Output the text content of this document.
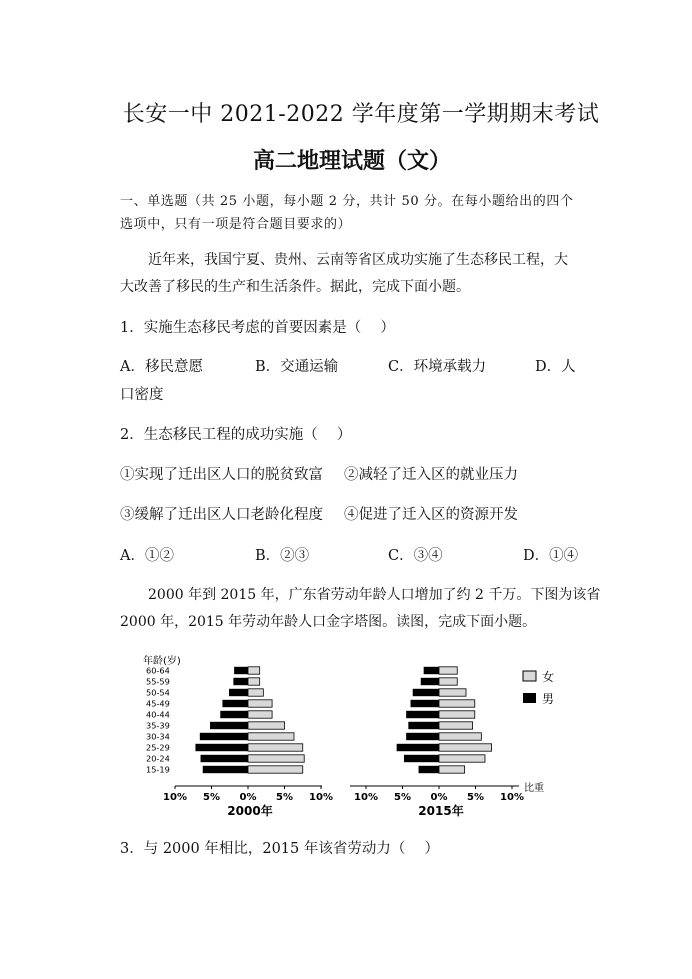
长安一中 2021-2022 学年度第一学期期末考试
高二地理试题（文）
一、单选题（共 25 小题，每小题 2 分，共计 50 分。在每小题给出的四个
选项中，只有一项是符合题目要求的）
近年来，我国宁夏、贵州、云南等省区成功实施了生态移民工程，大
大改善了移民的生产和生活条件。据此，完成下面小题。
1．实施生态移民考虑的首要因素是（　 ）
A．移民意愿	B．交通运输	C．环境承载力	D．人
口密度
2．生态移民工程的成功实施（　 ）
①实现了迁出区人口的脱贫致富 ②减轻了迁入区的就业压力
③缓解了迁出区人口老龄化程度 ④促进了迁入区的资源开发
A．①②	B．②③	C．③④	D．①④
2000 年到 2015 年，广东省劳动年龄人口增加了约 2 千万。下图为该省
2000 年，2015 年劳动年龄人口金字塔图。读图，完成下面小题。
年龄(岁)
比重
女
男
60-64
55-59
50-54
45-49
40-44
35-39
30-34
25-29
20-24
15-19
10% 5% 0% 5% 10%
2000年
10% 5% 0% 5% 10%
2015年
3．与 2000 年相比，2015 年该省劳动力（　 ）
